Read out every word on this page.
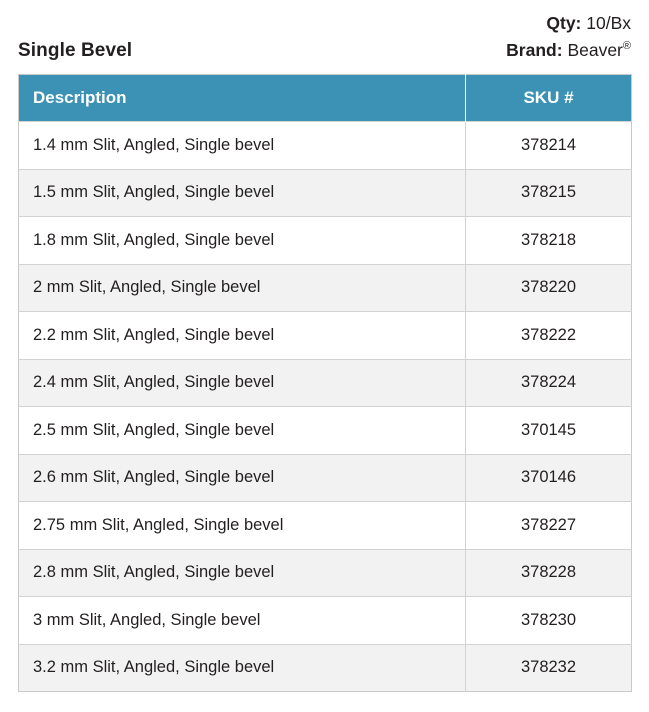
Qty: 10/Bx
Brand: Beaver®
Single Bevel
Description	SKU #
1.4 mm Slit, Angled, Single bevel	378214
1.5 mm Slit, Angled, Single bevel	378215
1.8 mm Slit, Angled, Single bevel	378218
2 mm Slit, Angled, Single bevel	378220
2.2 mm Slit, Angled, Single bevel	378222
2.4 mm Slit, Angled, Single bevel	378224
2.5 mm Slit, Angled, Single bevel	370145
2.6 mm Slit, Angled, Single bevel	370146
2.75 mm Slit, Angled, Single bevel	378227
2.8 mm Slit, Angled, Single bevel	378228
3 mm Slit, Angled, Single bevel	378230
3.2 mm Slit, Angled, Single bevel	378232
